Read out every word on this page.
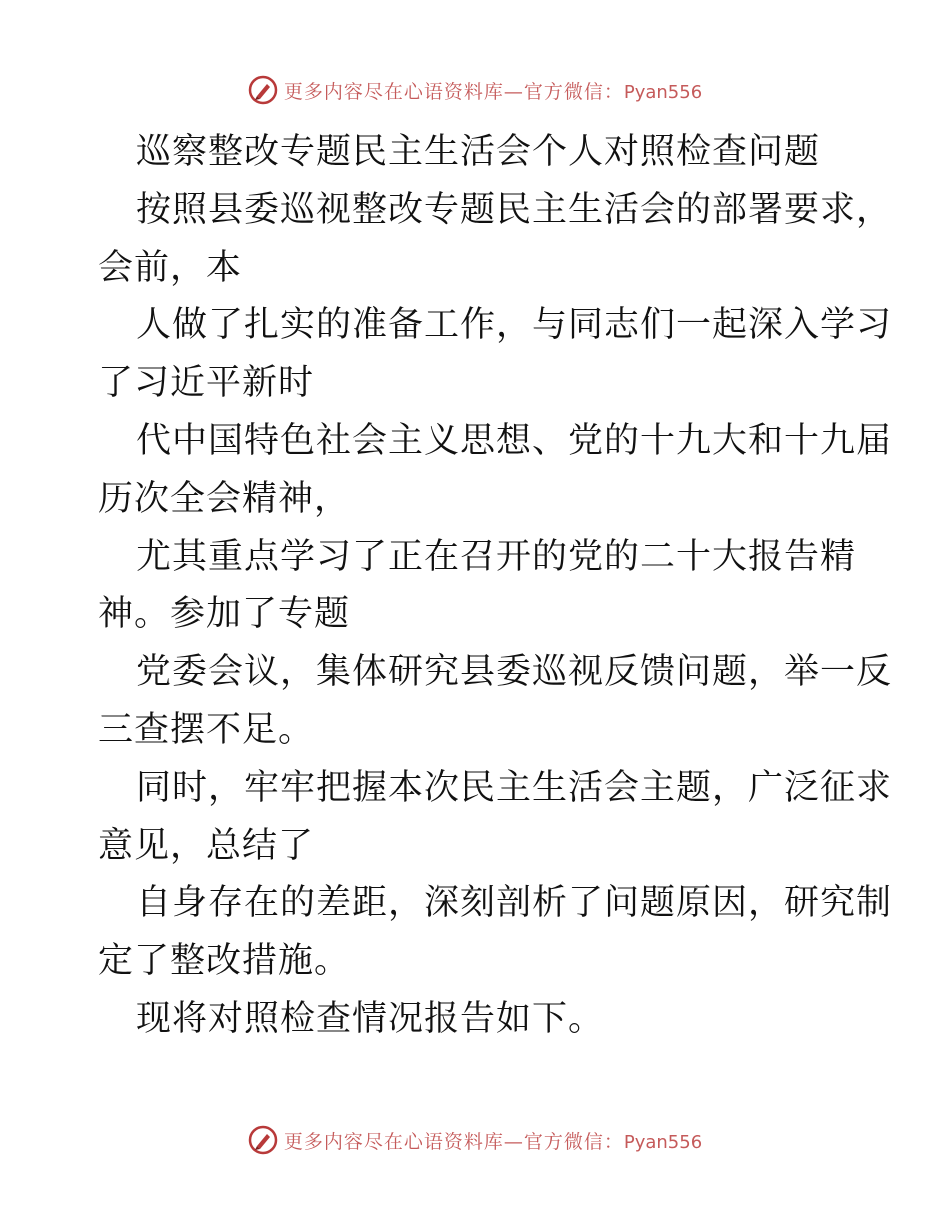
更多内容尽在心语资料库—官方微信：Pyan556
巡察整改专题民主生活会个人对照检查问题
按照县委巡视整改专题民主生活会的部署要求，
会前，本
人做了扎实的准备工作，与同志们一起深入学习
了习近平新时
代中国特色社会主义思想、党的十九大和十九届
历次全会精神，
尤其重点学习了正在召开的党的二十大报告精
神。参加了专题
党委会议，集体研究县委巡视反馈问题，举一反
三查摆不足。
同时，牢牢把握本次民主生活会主题，广泛征求
意见，总结了
自身存在的差距，深刻剖析了问题原因，研究制
定了整改措施。
现将对照检查情况报告如下。
更多内容尽在心语资料库—官方微信：Pyan556
